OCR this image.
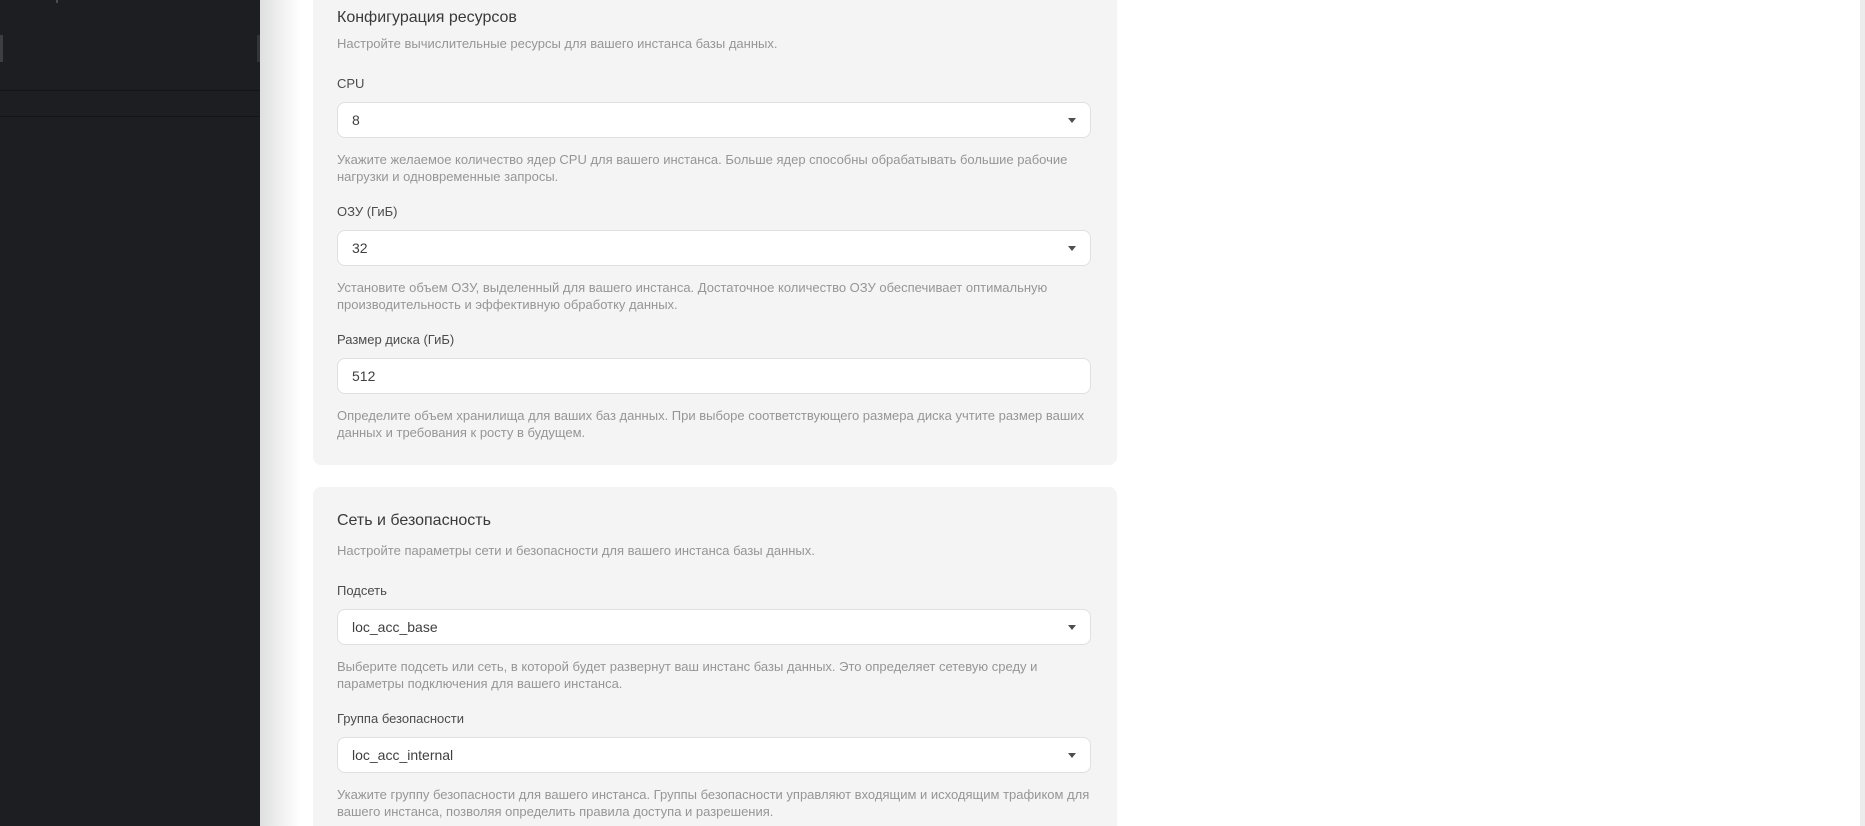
Конфигурация ресурсов
Настройте вычислительные ресурсы для вашего инстанса базы данных.
CPU
8
Укажите желаемое количество ядер CPU для вашего инстанса. Больше ядер способны обрабатывать большие рабочие нагрузки и одновременные запросы.
ОЗУ (ГиБ)
32
Установите объем ОЗУ, выделенный для вашего инстанса. Достаточное количество ОЗУ обеспечивает оптимальную производительность и эффективную обработку данных.
Размер диска (ГиБ)
512
Определите объем хранилища для ваших баз данных. При выборе соответствующего размера диска учтите размер ваших данных и требования к росту в будущем.
Сеть и безопасность
Настройте параметры сети и безопасности для вашего инстанса базы данных.
Подсеть
loc_acc_base
Выберите подсеть или сеть, в которой будет развернут ваш инстанс базы данных. Это определяет сетевую среду и параметры подключения для вашего инстанса.
Группа безопасности
loc_acc_internal
Укажите группу безопасности для вашего инстанса. Группы безопасности управляют входящим и исходящим трафиком для вашего инстанса, позволяя определить правила доступа и разрешения.
